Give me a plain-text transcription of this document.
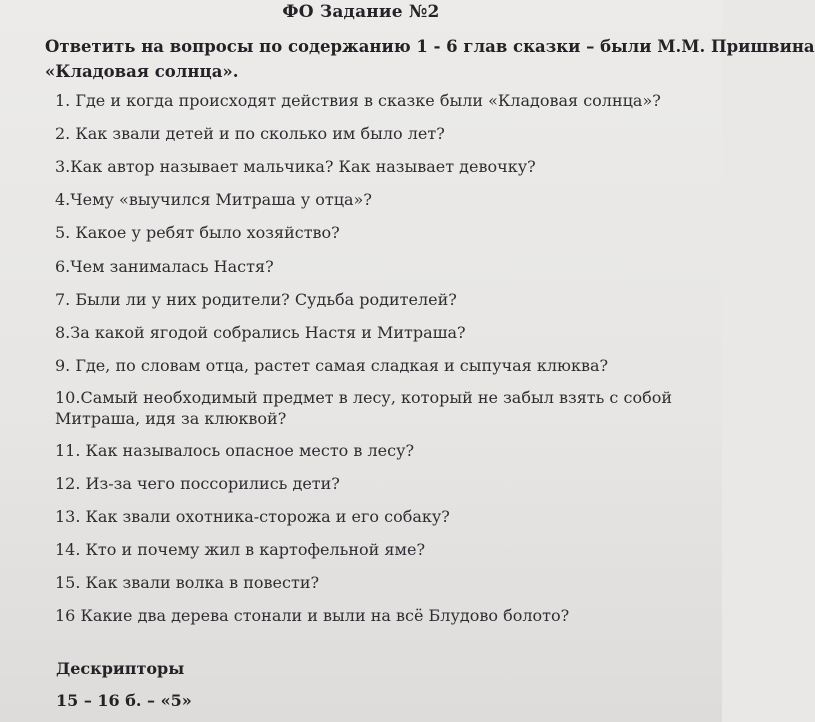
ФО Задание №2
Ответить на вопросы по содержанию 1 - 6 глав сказки – были М.М. Пришвина
«Кладовая солнца».
1. Где и когда происходят действия в сказке были «Кладовая солнца»?
2. Как звали детей и по сколько им было лет?
3.Как автор называет мальчика? Как называет девочку?
4.Чему «выучился Митраша у отца»?
5. Какое у ребят было хозяйство?
6.Чем занималась Настя?
7. Были ли у них родители? Судьба родителей?
8.За какой ягодой собрались Настя и Митраша?
9. Где, по словам отца, растет самая сладкая и сыпучая клюква?
10.Самый необходимый предмет в лесу, который не забыл взять с собой Митраша, идя за клюквой?
11. Как называлось опасное место в лесу?
12. Из-за чего поссорились дети?
13. Как звали охотника-сторожа и его собаку?
14. Кто и почему жил в картофельной яме?
15. Как звали волка в повести?
16 Какие два дерева стонали и выли на всё Блудово болото?
Дескрипторы
15 – 16 б. – «5»
